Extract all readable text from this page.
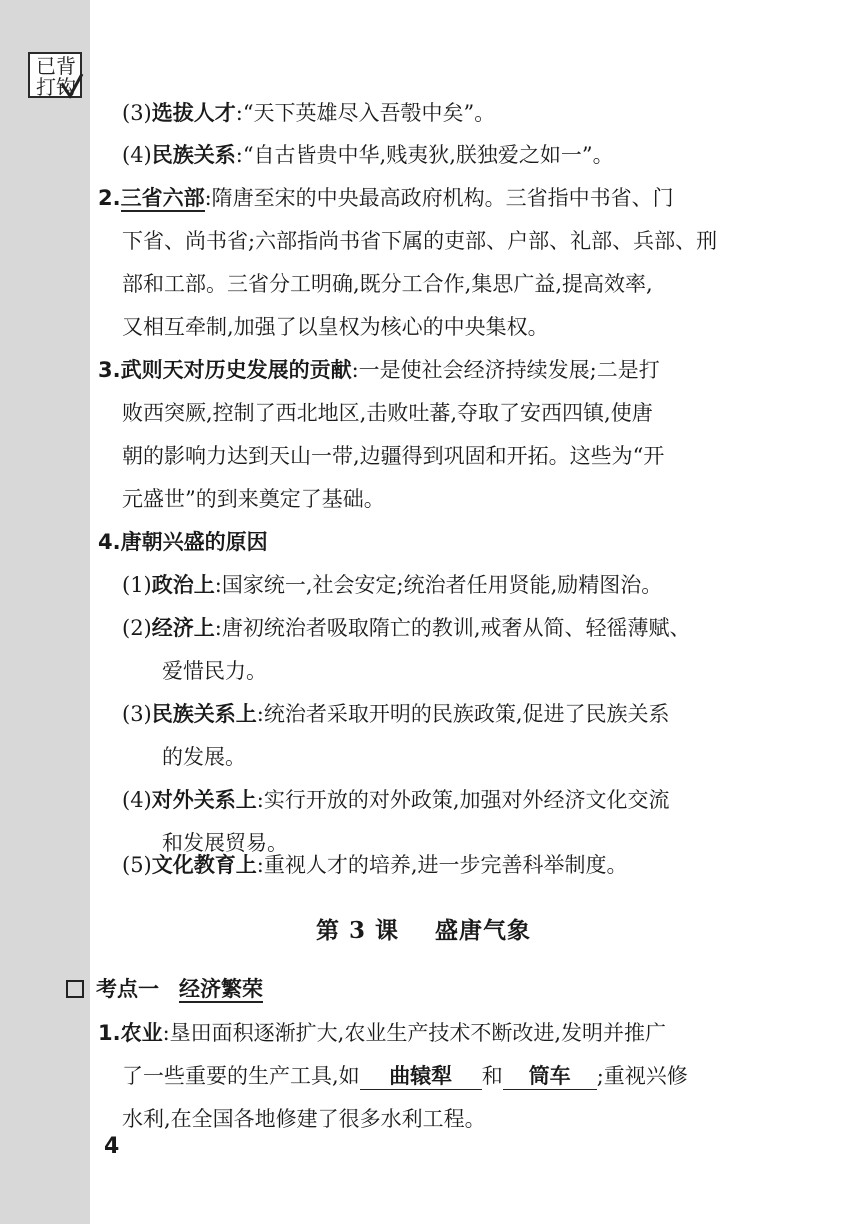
已背
打钩
(3)选拔人才:“天下英雄尽入吾彀中矣”。
(4)民族关系:“自古皆贵中华,贱夷狄,朕独爱之如一”。
2.三省六部:隋唐至宋的中央最高政府机构。三省指中书省、门
下省、尚书省;六部指尚书省下属的吏部、户部、礼部、兵部、刑
部和工部。三省分工明确,既分工合作,集思广益,提高效率,
又相互牵制,加强了以皇权为核心的中央集权。
3.武则天对历史发展的贡献:一是使社会经济持续发展;二是打
败西突厥,控制了西北地区,击败吐蕃,夺取了安西四镇,使唐
朝的影响力达到天山一带,边疆得到巩固和开拓。这些为“开
元盛世”的到来奠定了基础。
4.唐朝兴盛的原因
(1)政治上:国家统一,社会安定;统治者任用贤能,励精图治。
(2)经济上:唐初统治者吸取隋亡的教训,戒奢从简、轻徭薄赋、
爱惜民力。
(3)民族关系上:统治者采取开明的民族政策,促进了民族关系
的发展。
(4)对外关系上:实行开放的对外政策,加强对外经济文化交流
和发展贸易。
(5)文化教育上:重视人才的培养,进一步完善科举制度。
第 3 课    盛唐气象
考点一 经济繁荣
1.农业:垦田面积逐渐扩大,农业生产技术不断改进,发明并推广
了一些重要的生产工具,如 曲辕犁 和 筒车 ;重视兴修
水利,在全国各地修建了很多水利工程。
4
